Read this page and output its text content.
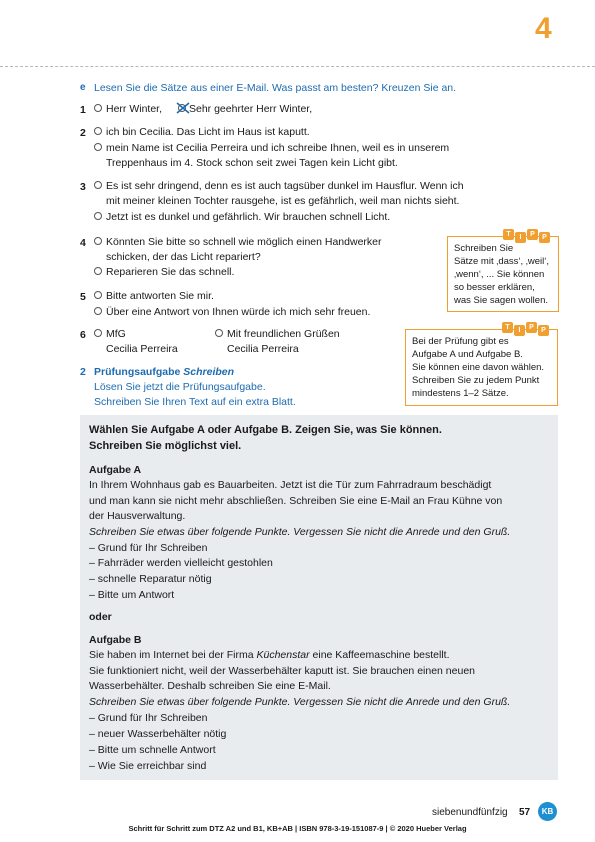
4
e Lesen Sie die Sätze aus einer E-Mail. Was passt am besten? Kreuzen Sie an.
1	Herr Winter,	Sehr geehrter Herr Winter,
2	ich bin Cecilia. Das Licht im Haus ist kaputt.
mein Name ist Cecilia Perreira und ich schreibe Ihnen, weil es in unserem
Treppenhaus im 4. Stock schon seit zwei Tagen kein Licht gibt.
3	Es ist sehr dringend, denn es ist auch tagsüber dunkel im Hausflur. Wenn ich
mit meiner kleinen Tochter rausgehe, ist es gefährlich, weil man nichts sieht.
Jetzt ist es dunkel und gefährlich. Wir brauchen schnell Licht.
4	Könnten Sie bitte so schnell wie möglich einen Handwerker
schicken, der das Licht repariert?
Reparieren Sie das schnell.
5	Bitte antworten Sie mir.
Über eine Antwort von Ihnen würde ich mich sehr freuen.
6	MfG
Cecilia Perreira
Mit freundlichen Grüßen
Cecilia Perreira
T	I	P	P
Schreiben Sie
Sätze mit ‚dass‘, ‚weil‘,
‚wenn‘, ... Sie können
so besser erklären,
was Sie sagen wollen.
T	I	P	P
Bei der Prüfung gibt es
Aufgabe A und Aufgabe B.
Sie können eine davon wählen.
Schreiben Sie zu jedem Punkt
mindestens 1–2 Sätze.
2 Prüfungsaufgabe Schreiben
Lösen Sie jetzt die Prüfungsaufgabe.
Schreiben Sie Ihren Text auf ein extra Blatt.
Wählen Sie Aufgabe A oder Aufgabe B. Zeigen Sie, was Sie können.
Schreiben Sie möglichst viel.
Aufgabe A
In Ihrem Wohnhaus gab es Bauarbeiten. Jetzt ist die Tür zum Fahrradraum beschädigt
und man kann sie nicht mehr abschließen. Schreiben Sie eine E-Mail an Frau Kühne von
der Hausverwaltung.
Schreiben Sie etwas über folgende Punkte. Vergessen Sie nicht die Anrede und den Gruß.
– Grund für Ihr Schreiben
– Fahrräder werden vielleicht gestohlen
– schnelle Reparatur nötig
– Bitte um Antwort
oder
Aufgabe B
Sie haben im Internet bei der Firma Küchenstar eine Kaffeemaschine bestellt.
Sie funktioniert nicht, weil der Wasserbehälter kaputt ist. Sie brauchen einen neuen
Wasserbehälter. Deshalb schreiben Sie eine E-Mail.
Schreiben Sie etwas über folgende Punkte. Vergessen Sie nicht die Anrede und den Gruß.
– Grund für Ihr Schreiben
– neuer Wasserbehälter nötig
– Bitte um schnelle Antwort
– Wie Sie erreichbar sind
siebenundfünfzig 57	KB
Schritt für Schritt zum DTZ A2 und B1, KB+AB | ISBN 978-3-19-151087-9 | © 2020 Hueber Verlag
